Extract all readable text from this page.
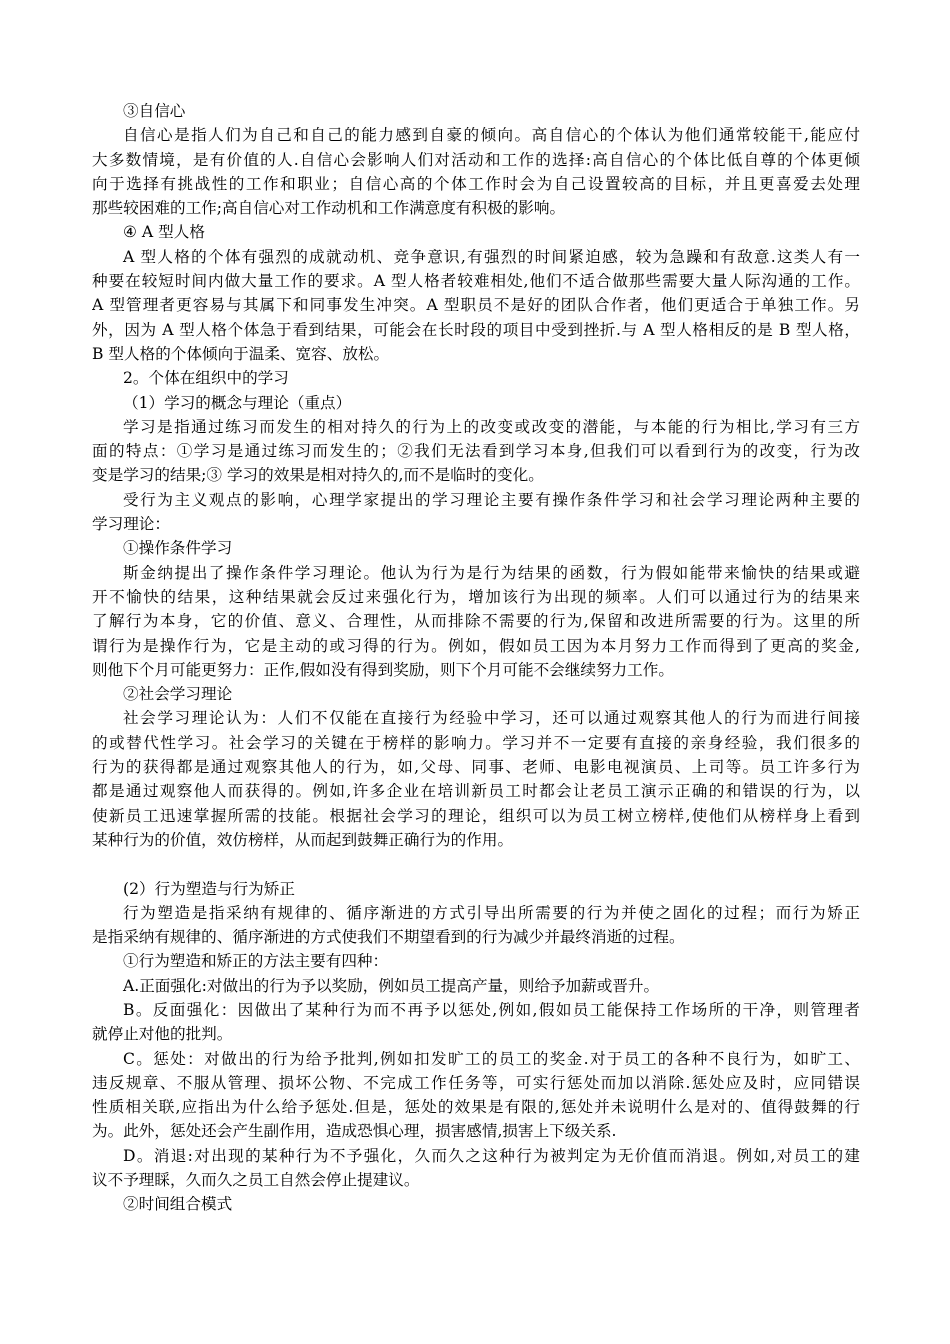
③自信心
自信心是指人们为自己和自己的能力感到自豪的倾向。高自信心的个体认为他们通常较能干,能应付
大多数情境，是有价值的人.自信心会影响人们对活动和工作的选择:高自信心的个体比低自尊的个体更倾
向于选择有挑战性的工作和职业；自信心高的个体工作时会为自己设置较高的目标，并且更喜爱去处理
那些较困难的工作;高自信心对工作动机和工作满意度有积极的影响。
④ A 型人格
A 型人格的个体有强烈的成就动机、竞争意识,有强烈的时间紧迫感，较为急躁和有敌意.这类人有一
种要在较短时间内做大量工作的要求。A 型人格者较难相处,他们不适合做那些需要大量人际沟通的工作。
A 型管理者更容易与其属下和同事发生冲突。A 型职员不是好的团队合作者，他们更适合于单独工作。另
外，因为 A 型人格个体急于看到结果，可能会在长时段的项目中受到挫折.与 A 型人格相反的是 B 型人格，
B 型人格的个体倾向于温柔、宽容、放松。
2。个体在组织中的学习
（1）学习的概念与理论（重点）
学习是指通过练习而发生的相对持久的行为上的改变或改变的潜能，与本能的行为相比,学习有三方
面的特点：①学习是通过练习而发生的；②我们无法看到学习本身,但我们可以看到行为的改变，行为改
变是学习的结果;③ 学习的效果是相对持久的,而不是临时的变化。
受行为主义观点的影响，心理学家提出的学习理论主要有操作条件学习和社会学习理论两种主要的
学习理论：
①操作条件学习
斯金纳提出了操作条件学习理论。他认为行为是行为结果的函数，行为假如能带来愉快的结果或避
开不愉快的结果，这种结果就会反过来强化行为，增加该行为出现的频率。人们可以通过行为的结果来
了解行为本身，它的价值、意义、合理性，从而排除不需要的行为,保留和改进所需要的行为。这里的所
谓行为是操作行为，它是主动的或习得的行为。例如，假如员工因为本月努力工作而得到了更高的奖金,
则他下个月可能更努力：正作,假如没有得到奖励，则下个月可能不会继续努力工作。
②社会学习理论
社会学习理论认为：人们不仅能在直接行为经验中学习，还可以通过观察其他人的行为而进行间接
的或替代性学习。社会学习的关键在于榜样的影响力。学习并不一定要有直接的亲身经验，我们很多的
行为的获得都是通过观察其他人的行为，如,父母、同事、老师、电影电视演员、上司等。员工许多行为
都是通过观察他人而获得的。例如,许多企业在培训新员工时都会让老员工演示正确的和错误的行为，以
使新员工迅速掌握所需的技能。根据社会学习的理论，组织可以为员工树立榜样,使他们从榜样身上看到
某种行为的价值，效仿榜样，从而起到鼓舞正确行为的作用。
(2）行为塑造与行为矫正
行为塑造是指采纳有规律的、循序渐进的方式引导出所需要的行为并使之固化的过程；而行为矫正
是指采纳有规律的、循序渐进的方式使我们不期望看到的行为减少并最终消逝的过程。
①行为塑造和矫正的方法主要有四种：
A.正面强化:对做出的行为予以奖励，例如员工提高产量，则给予加薪或晋升。
B。反面强化：因做出了某种行为而不再予以惩处,例如,假如员工能保持工作场所的干净，则管理者
就停止对他的批判。
C。惩处：对做出的行为给予批判,例如扣发旷工的员工的奖金.对于员工的各种不良行为，如旷工、
违反规章、不服从管理、损坏公物、不完成工作任务等，可实行惩处而加以消除.惩处应及时，应同错误
性质相关联,应指出为什么给予惩处.但是，惩处的效果是有限的,惩处并未说明什么是对的、值得鼓舞的行
为。此外，惩处还会产生副作用，造成恐惧心理，损害感情,损害上下级关系.
D。消退:对出现的某种行为不予强化，久而久之这种行为被判定为无价值而消退。例如,对员工的建
议不予理睬，久而久之员工自然会停止提建议。
②时间组合模式
